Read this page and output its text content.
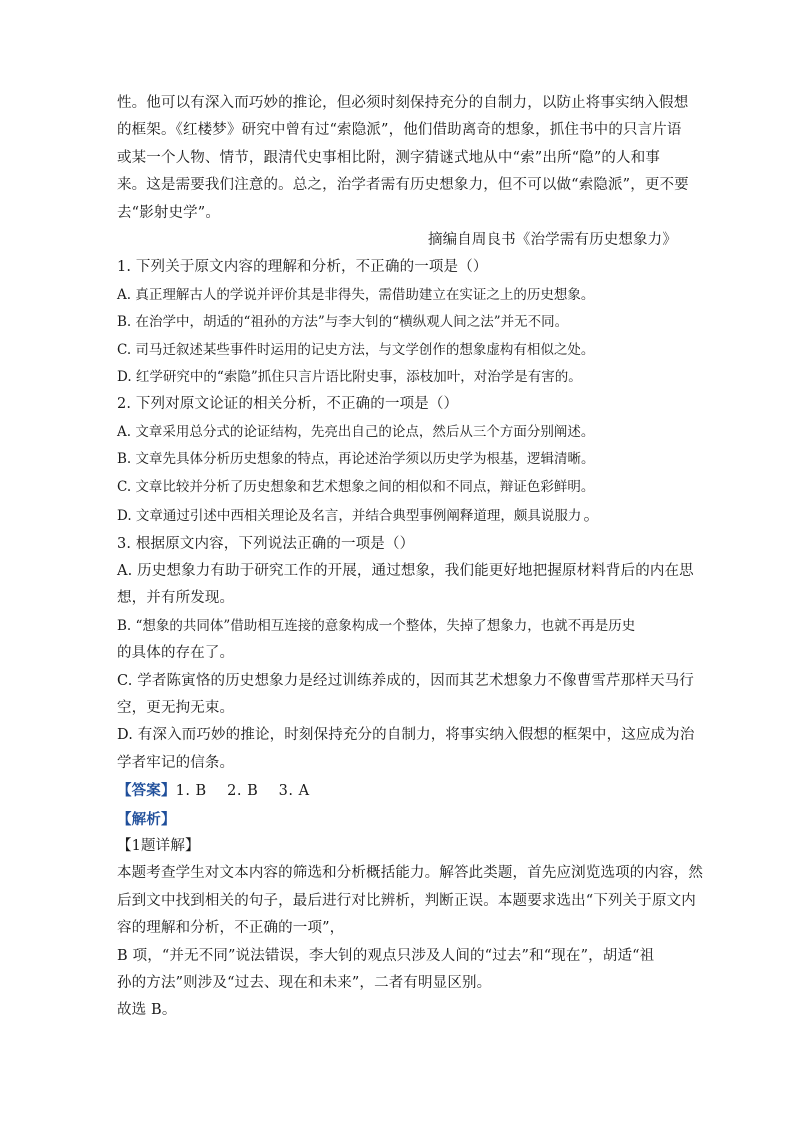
性。他可以有深入而巧妙的推论，但必须时刻保持充分的自制力，以防止将事实纳入假想
的框架。《红楼梦》研究中曾有过“索隐派”，他们借助离奇的想象，抓住书中的只言片语
或某一个人物、情节，跟清代史事相比附，测字猜谜式地从中“索”出所“隐”的人和事
来。这是需要我们注意的。总之，治学者需有历史想象力，但不可以做“索隐派”，更不要
去“影射史学”。
摘编自周良书《治学需有历史想象力》
1. 下列关于原文内容的理解和分析，不正确的一项是（）
A. 真正理解古人的学说并评价其是非得失，需借助建立在实证之上的历史想象。
B. 在治学中，胡适的“祖孙的方法”与李大钊的“横纵观人间之法”并无不同。
C. 司马迁叙述某些事件时运用的记史方法，与文学创作的想象虚构有相似之处。
D. 红学研究中的“索隐”抓住只言片语比附史事，添枝加叶，对治学是有害的。
2. 下列对原文论证的相关分析，不正确的一项是（）
A. 文章采用总分式的论证结构，先亮出自己的论点，然后从三个方面分别阐述。
B. 文章先具体分析历史想象的特点，再论述治学须以历史学为根基，逻辑清晰。
C. 文章比较并分析了历史想象和艺术想象之间的相似和不同点，辩证色彩鲜明。
D. 文章通过引述中西相关理论及名言，并结合典型事例阐释道理，颇具说服力 。
3. 根据原文内容，下列说法正确的一项是（）
A. 历史想象力有助于研究工作的开展，通过想象，我们能更好地把握原材料背后的内在思
想，并有所发现。
B. “想象的共同体”借助相互连接的意象构成一个整体，失掉了想象力，也就不再是历史
的具体的存在了。
C. 学者陈寅恪的历史想象力是经过训练养成的，因而其艺术想象力不像曹雪芹那样天马行
空，更无拘无束。
D. 有深入而巧妙的推论，时刻保持充分的自制力，将事实纳入假想的框架中，这应成为治
学者牢记的信条。
【答案】1. B    2. B    3. A
【解析】
【1题详解】
本题考查学生对文本内容的筛选和分析概括能力。解答此类题，首先应浏览选项的内容，然
后到文中找到相关的句子，最后进行对比辨析，判断正误。本题要求选出“下列关于原文内
容的理解和分析，不正确的一项”，
B 项，“并无不同”说法错误，李大钊的观点只涉及人间的“过去”和“现在”，胡适“祖
孙的方法”则涉及“过去、现在和未来”，二者有明显区别。
故选 B。
